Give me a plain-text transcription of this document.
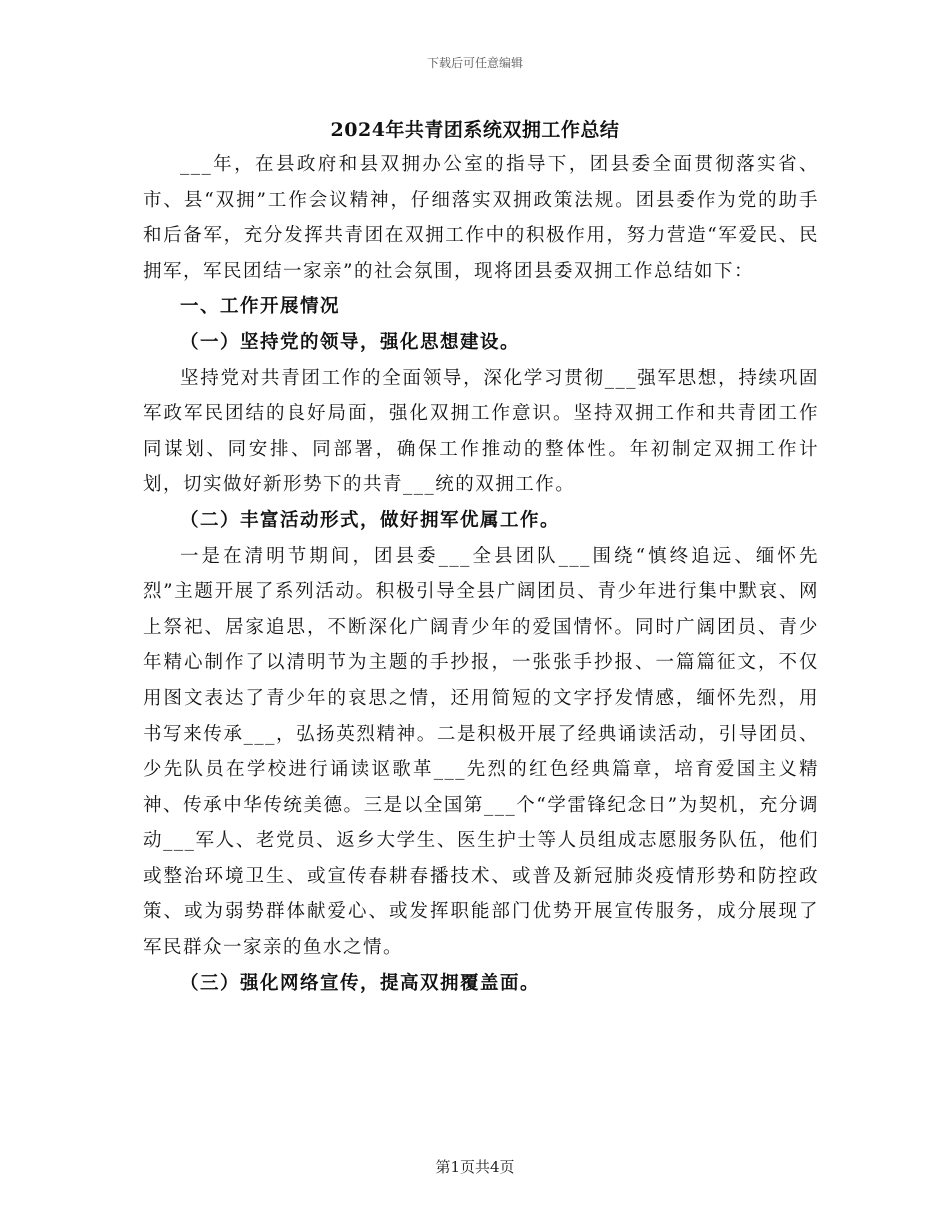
下载后可任意编辑
2024年共青团系统双拥工作总结

___年，在县政府和县双拥办公室的指导下，团县委全面贯彻落实省、市、县“双拥”工作会议精神，仔细落实双拥政策法规。团县委作为党的助手和后备军，充分发挥共青团在双拥工作中的积极作用，努力营造“军爱民、民拥军，军民团结一家亲”的社会氛围，现将团县委双拥工作总结如下：

一、工作开展情况

（一）坚持党的领导，强化思想建设。

坚持党对共青团工作的全面领导，深化学习贯彻___强军思想，持续巩固军政军民团结的良好局面，强化双拥工作意识。坚持双拥工作和共青团工作同谋划、同安排、同部署，确保工作推动的整体性。年初制定双拥工作计划，切实做好新形势下的共青___统的双拥工作。

（二）丰富活动形式，做好拥军优属工作。

一是在清明节期间，团县委___全县团队___围绕“慎终追远、缅怀先烈”主题开展了系列活动。积极引导全县广阔团员、青少年进行集中默哀、网上祭祀、居家追思，不断深化广阔青少年的爱国情怀。同时广阔团员、青少年精心制作了以清明节为主题的手抄报，一张张手抄报、一篇篇征文，不仅用图文表达了青少年的哀思之情，还用简短的文字抒发情感，缅怀先烈，用书写来传承___，弘扬英烈精神。二是积极开展了经典诵读活动，引导团员、少先队员在学校进行诵读讴歌革___先烈的红色经典篇章，培育爱国主义精神、传承中华传统美德。三是以全国第___个“学雷锋纪念日”为契机，充分调动___军人、老党员、返乡大学生、医生护士等人员组成志愿服务队伍，他们或整治环境卫生、或宣传春耕春播技术、或普及新冠肺炎疫情形势和防控政策、或为弱势群体献爱心、或发挥职能部门优势开展宣传服务，成分展现了军民群众一家亲的鱼水之情。

（三）强化网络宣传，提高双拥覆盖面。

第1页共4页
